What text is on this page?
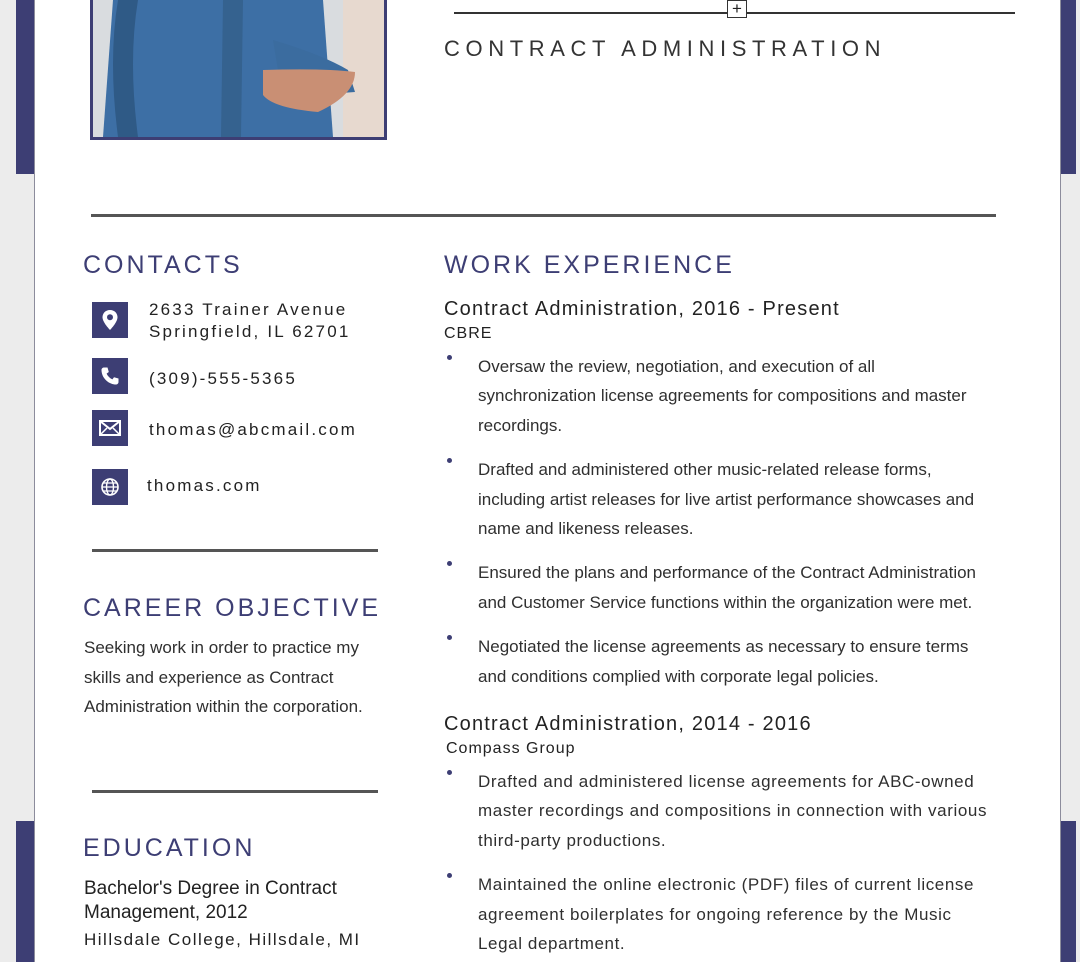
+
CONTRACT ADMINISTRATION
CONTACTS
2633 Trainer Avenue
Springfield, IL 62701
(309)-555-5365
thomas@abcmail.com
thomas.com
CAREER OBJECTIVE
Seeking work in order to practice my skills and experience as Contract Administration within the corporation.
EDUCATION
Bachelor's Degree in Contract Management, 2012
Hillsdale College, Hillsdale, MI
WORK EXPERIENCE
Contract Administration, 2016 - Present
CBRE
Oversaw the review, negotiation, and execution of all synchronization license agreements for compositions and master recordings.
Drafted and administered other music-related release forms, including artist releases for live artist performance showcases and name and likeness releases.
Ensured the plans and performance of the Contract Administration and Customer Service functions within the organization were met.
Negotiated the license agreements as necessary to ensure terms and conditions complied with corporate legal policies.
Contract Administration, 2014 - 2016
Compass Group
Drafted and administered license agreements for ABC-owned master recordings and compositions in connection with various third-party productions.
Maintained the online electronic (PDF) files of current license agreement boilerplates for ongoing reference by the Music Legal department.
